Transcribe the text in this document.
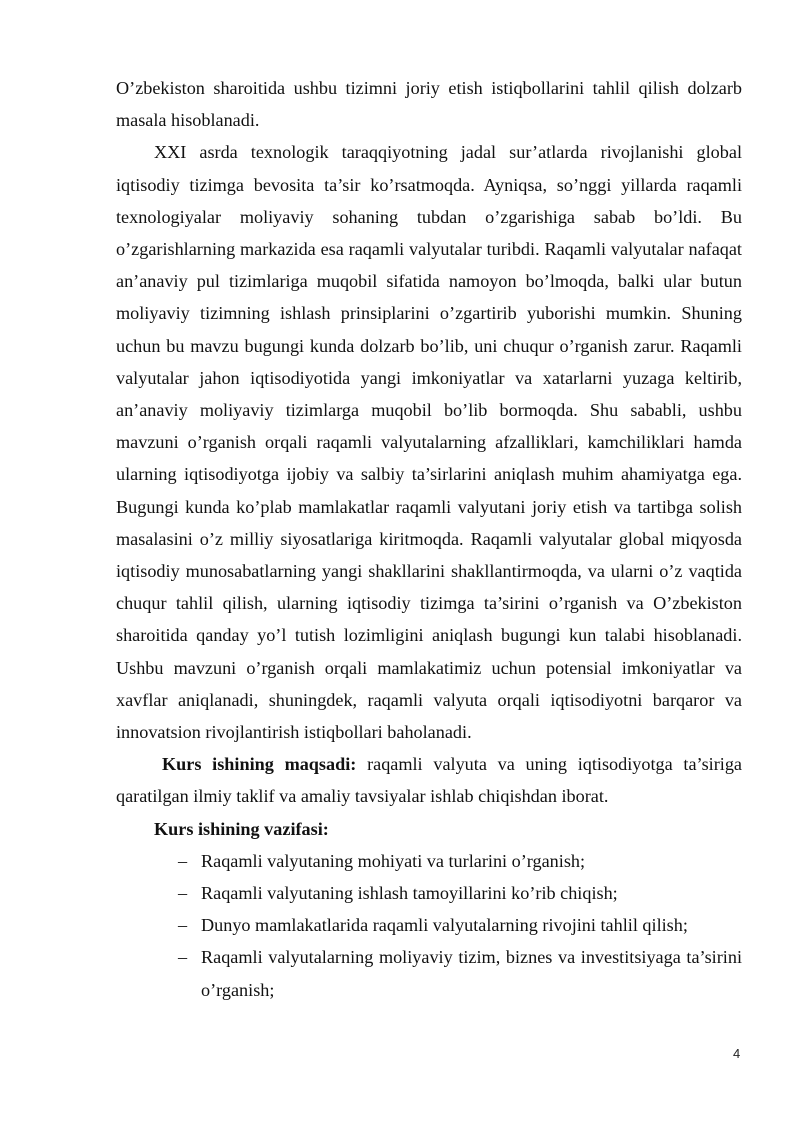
O’zbekiston sharoitida ushbu tizimni joriy etish istiqbollarini tahlil qilish dolzarb masala hisoblanadi.

XXI asrda texnologik taraqqiyotning jadal sur’atlarda rivojlanishi global iqtisodiy tizimga bevosita ta’sir ko’rsatmoqda. Ayniqsa, so’nggi yillarda raqamli texnologiyalar moliyaviy sohaning tubdan o’zgarishiga sabab bo’ldi. Bu o’zgarishlarning markazida esa raqamli valyutalar turibdi. Raqamli valyutalar nafaqat an’anaviy pul tizimlariga muqobil sifatida namoyon bo’lmoqda, balki ular butun moliyaviy tizimning ishlash prinsiplarini o’zgartirib yuborishi mumkin. Shuning uchun bu mavzu bugungi kunda dolzarb bo’lib, uni chuqur o’rganish zarur. Raqamli valyutalar jahon iqtisodiyotida yangi imkoniyatlar va xatarlarni yuzaga keltirib, an’anaviy moliyaviy tizimlarga muqobil bo’lib bormoqda. Shu sababli, ushbu mavzuni o’rganish orqali raqamli valyutalarning afzalliklari, kamchiliklari hamda ularning iqtisodiyotga ijobiy va salbiy ta’sirlarini aniqlash muhim ahamiyatga ega. Bugungi kunda ko’plab mamlakatlar raqamli valyutani joriy etish va tartibga solish masalasini o’z milliy siyosatlariga kiritmoqda. Raqamli valyutalar global miqyosda iqtisodiy munosabatlarning yangi shakllarini shakllantirmoqda, va ularni o’z vaqtida chuqur tahlil qilish, ularning iqtisodiy tizimga ta’sirini o’rganish va O’zbekiston sharoitida qanday yo’l tutish lozimligini aniqlash bugungi kun talabi hisoblanadi. Ushbu mavzuni o’rganish orqali mamlakatimiz uchun potensial imkoniyatlar va xavflar aniqlanadi, shuningdek, raqamli valyuta orqali iqtisodiyotni barqaror va innovatsion rivojlantirish istiqbollari baholanadi.

Kurs ishining maqsadi: raqamli valyuta va uning iqtisodiyotga ta’siriga qaratilgan ilmiy taklif va amaliy tavsiyalar ishlab chiqishdan iborat.

Kurs ishining vazifasi:

– Raqamli valyutaning mohiyati va turlarini o’rganish;
– Raqamli valyutaning ishlash tamoyillarini ko’rib chiqish;
– Dunyo mamlakatlarida raqamli valyutalarning rivojini tahlil qilish;
– Raqamli valyutalarning moliyaviy tizim, biznes va investitsiyaga ta’sirini o’rganish;
4
